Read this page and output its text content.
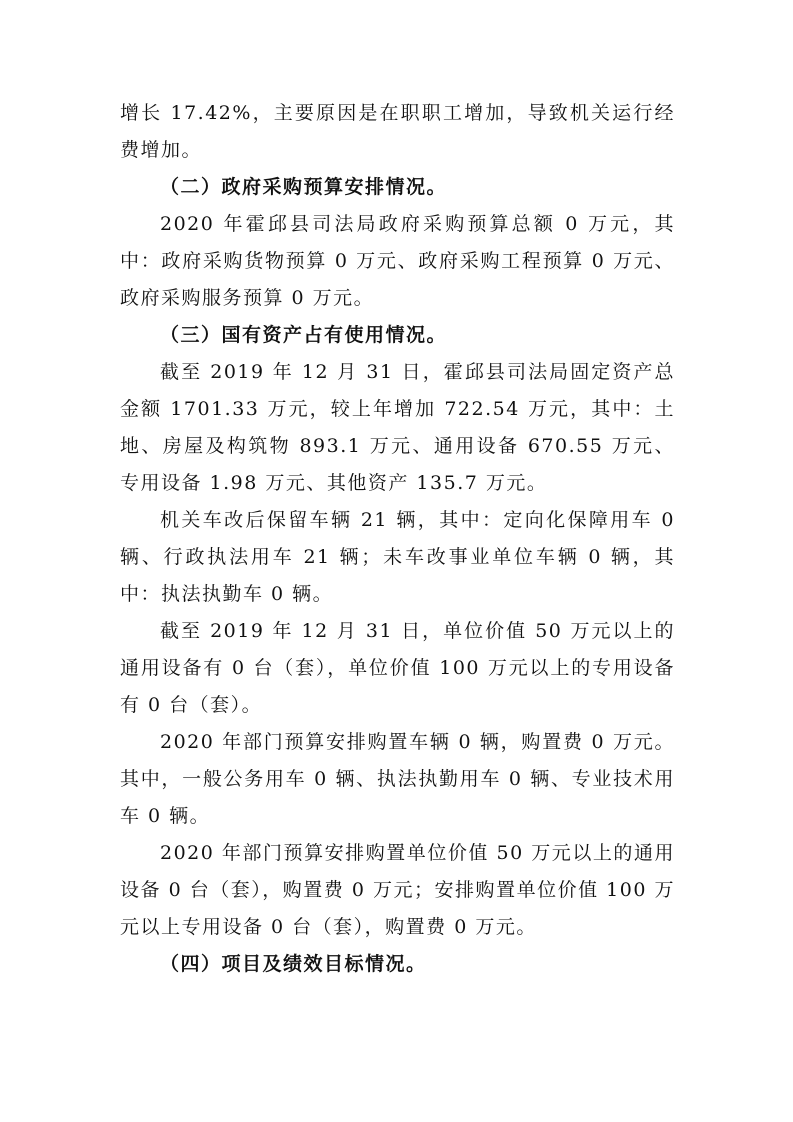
增长 17.42%，主要原因是在职职工增加，导致机关运行经费增加。

（二）政府采购预算安排情况。

2020 年霍邱县司法局政府采购预算总额 0 万元，其中：政府采购货物预算 0 万元、政府采购工程预算 0 万元、政府采购服务预算 0 万元。

（三）国有资产占有使用情况。

截至 2019 年 12 月 31 日，霍邱县司法局固定资产总金额 1701.33 万元，较上年增加 722.54 万元，其中：土地、房屋及构筑物 893.1 万元、通用设备 670.55 万元、专用设备 1.98 万元、其他资产 135.7 万元。

机关车改后保留车辆 21 辆，其中：定向化保障用车 0 辆、行政执法用车 21 辆；未车改事业单位车辆 0 辆，其中：执法执勤车 0 辆。

截至 2019 年 12 月 31 日，单位价值 50 万元以上的通用设备有 0 台（套），单位价值 100 万元以上的专用设备有 0 台（套）。

2020 年部门预算安排购置车辆 0 辆，购置费 0 万元。其中，一般公务用车 0 辆、执法执勤用车 0 辆、专业技术用车 0 辆。

2020 年部门预算安排购置单位价值 50 万元以上的通用设备 0 台（套），购置费 0 万元；安排购置单位价值 100 万元以上专用设备 0 台（套），购置费 0 万元。

（四）项目及绩效目标情况。
